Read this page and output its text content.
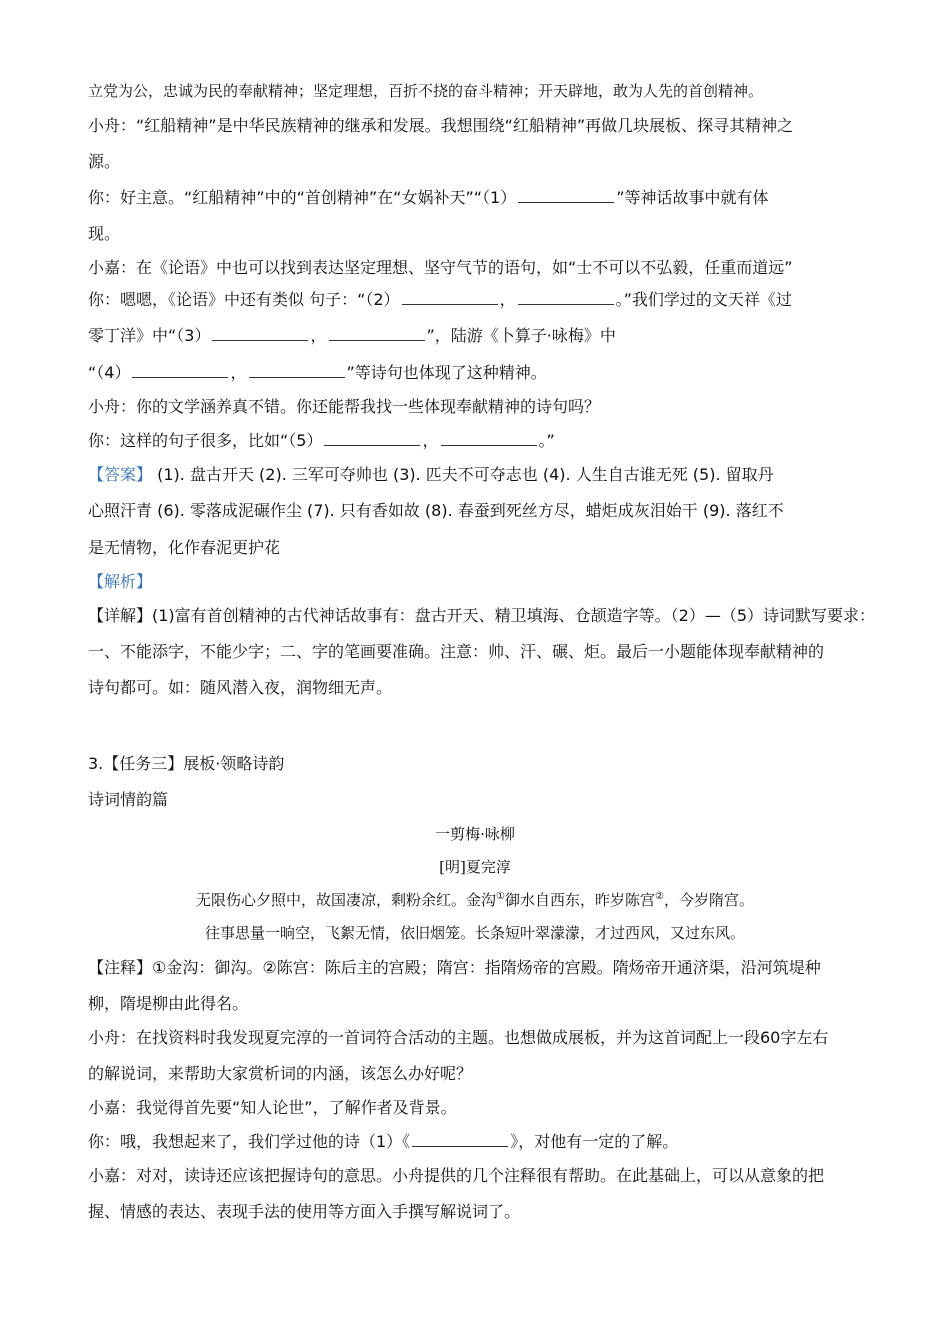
立党为公，忠诚为民的奉献精神；坚定理想，百折不挠的奋斗精神；开天辟地，敢为人先的首创精神。
小舟：“红船精神”是中华民族精神的继承和发展。我想围绕“红船精神”再做几块展板、探寻其精神之
源。
你：好主意。“红船精神”中的“首创精神”在“女娲补天”“（1）	”等神话故事中就有体
现。
小嘉：在《论语》中也可以找到表达坚定理想、坚守气节的语句，如“士不可以不弘毅，任重而道远”
你：嗯嗯，《论语》中还有类似 句子：“（2）	，	。”我们学过的文天祥《过
零丁洋》中“（3）	，	”，陆游《卜算子·咏梅》中
“（4）	，	”等诗句也体现了这种精神。
小舟：你的文学涵养真不错。你还能帮我找一些体现奉献精神的诗句吗？
你：这样的句子很多，比如“（5）	，	。”
【答案】 (1). 盘古开天 (2). 三军可夺帅也 (3). 匹夫不可夺志也 (4). 人生自古谁无死 (5). 留取丹
心照汗青 (6). 零落成泥碾作尘 (7). 只有香如故 (8). 春蚕到死丝方尽，蜡炬成灰泪始干 (9). 落红不
是无情物，化作春泥更护花
【解析】
【详解】(1)富有首创精神的古代神话故事有：盘古开天、精卫填海、仓颉造字等。（2）—（5）诗词默写要求：
一、不能添字，不能少字；二、字的笔画要准确。注意：帅、汗、碾、炬。最后一小题能体现奉献精神的
诗句都可。如：随风潜入夜，润物细无声。
3.【任务三】展板·领略诗韵
诗词情韵篇
一剪梅·咏柳
[明]夏完淳
无限伤心夕照中，故国凄凉，剩粉余红。金沟①御水自西东，昨岁陈宫②，今岁隋宫。
往事思量一晌空，飞絮无情，依旧烟笼。长条短叶翠濛濛，才过西风，又过东风。
【注释】①金沟：御沟。②陈宫：陈后主的宫殿；隋宫：指隋炀帝的宫殿。隋炀帝开通济渠，沿河筑堤种
柳，隋堤柳由此得名。
小舟：在找资料时我发现夏完淳的一首词符合活动的主题。也想做成展板，并为这首词配上一段60字左右
的解说词，来帮助大家赏析词的内涵，该怎么办好呢？
小嘉：我觉得首先要“知人论世”，了解作者及背景。
你：哦，我想起来了，我们学过他的诗（1）《	》，对他有一定的了解。
小嘉：对对，读诗还应该把握诗句的意思。小舟提供的几个注释很有帮助。在此基础上，可以从意象的把
握、情感的表达、表现手法的使用等方面入手撰写解说词了。
